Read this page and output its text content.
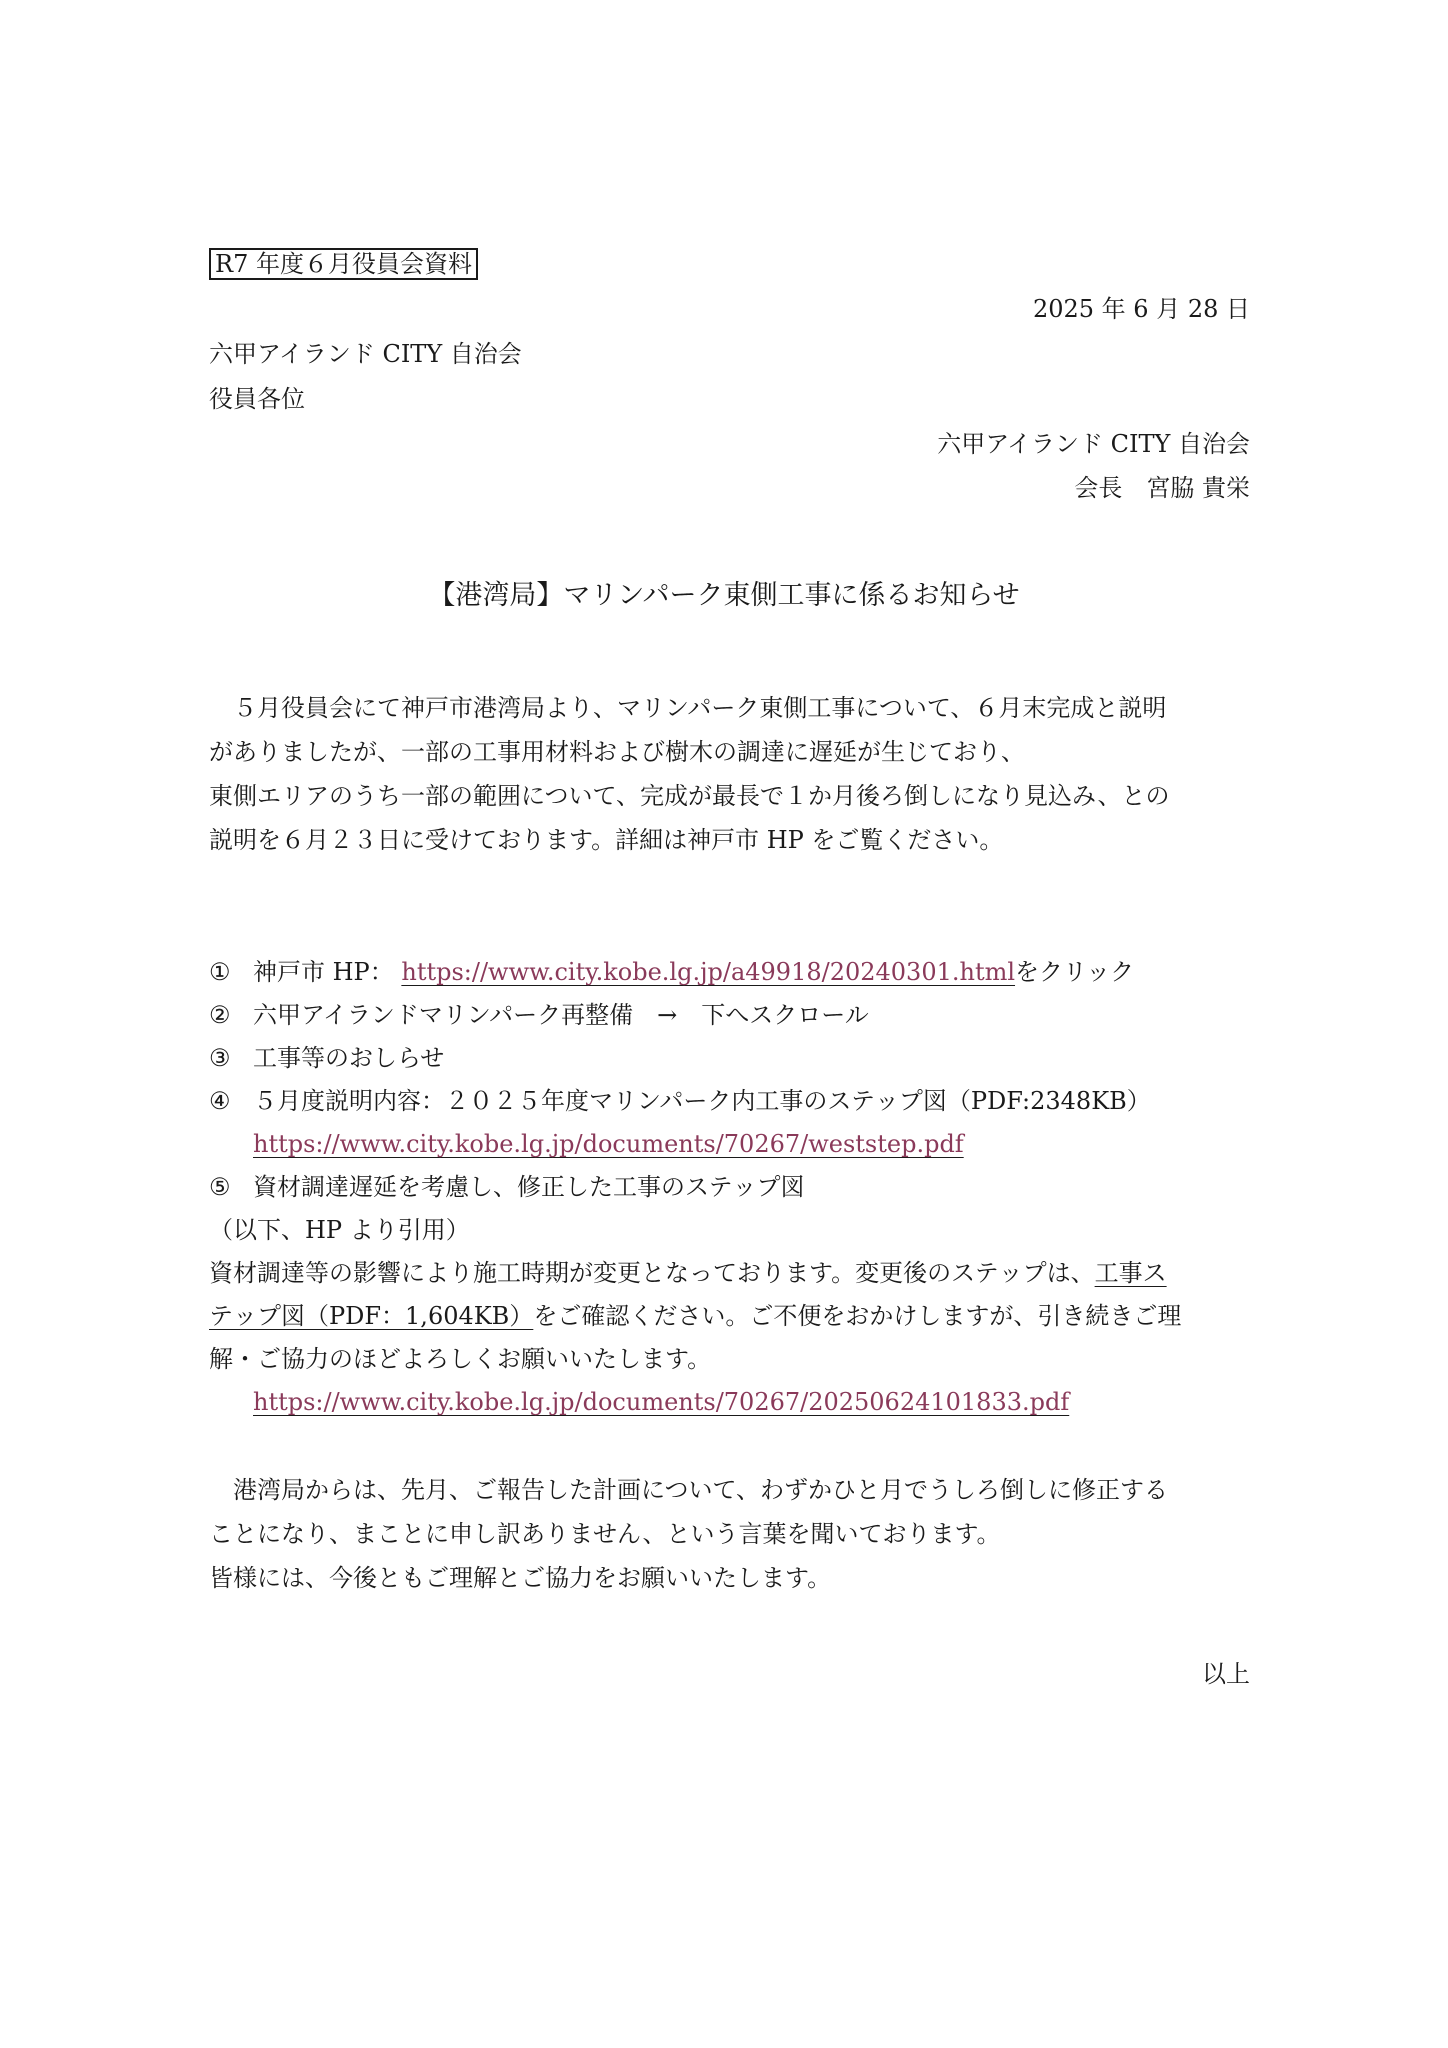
R7 年度６月役員会資料
2025 年 6 月 28 日
六甲アイランド CITY 自治会
役員各位
六甲アイランド CITY 自治会
会長　宮脇 貴栄
【港湾局】マリンパーク東側工事に係るお知らせ
　５月役員会にて神戸市港湾局より、マリンパーク東側工事について、６月末完成と説明
がありましたが、一部の工事用材料および樹木の調達に遅延が生じており、
東側エリアのうち一部の範囲について、完成が最長で１か月後ろ倒しになり見込み、との
説明を６月２３日に受けております。詳細は神戸市 HP をご覧ください。
① 神戸市 HP： https://www.city.kobe.lg.jp/a49918/20240301.htmlをクリック
② 六甲アイランドマリンパーク再整備　→　下へスクロール
③ 工事等のおしらせ
④ ５月度説明内容：２０２５年度マリンパーク内工事のステップ図（PDF:2348KB）
https://www.city.kobe.lg.jp/documents/70267/weststep.pdf
⑤ 資材調達遅延を考慮し、修正した工事のステップ図
（以下、HP より引用）
資材調達等の影響により施工時期が変更となっております。変更後のステップは、工事ス
テップ図（PDF：1,604KB）をご確認ください。ご不便をおかけしますが、引き続きご理
解・ご協力のほどよろしくお願いいたします。
https://www.city.kobe.lg.jp/documents/70267/20250624101833.pdf
　港湾局からは、先月、ご報告した計画について、わずかひと月でうしろ倒しに修正する
ことになり、まことに申し訳ありません、という言葉を聞いております。
皆様には、今後ともご理解とご協力をお願いいたします。
以上
